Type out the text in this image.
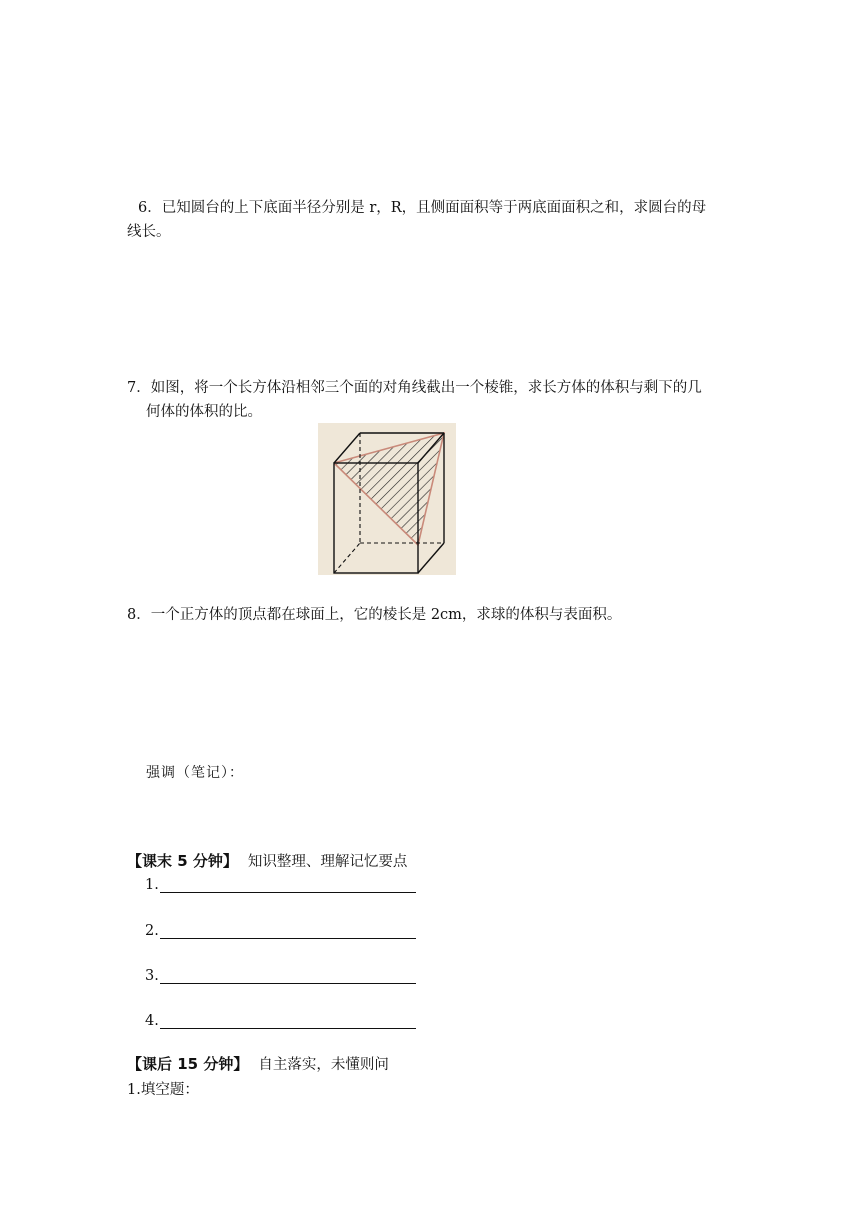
6．已知圆台的上下底面半径分别是 r，R，且侧面面积等于两底面面积之和，求圆台的母
线长。
7．如图，将一个长方体沿相邻三个面的对角线截出一个棱锥，求长方体的体积与剩下的几
何体的体积的比。
8．一个正方体的顶点都在球面上，它的棱长是 2cm，求球的体积与表面积。
强调（笔记）：
【课末 5 分钟】 知识整理、理解记忆要点
1.
2.
3.
4.
【课后 15 分钟】 自主落实，未懂则问
1.填空题：
